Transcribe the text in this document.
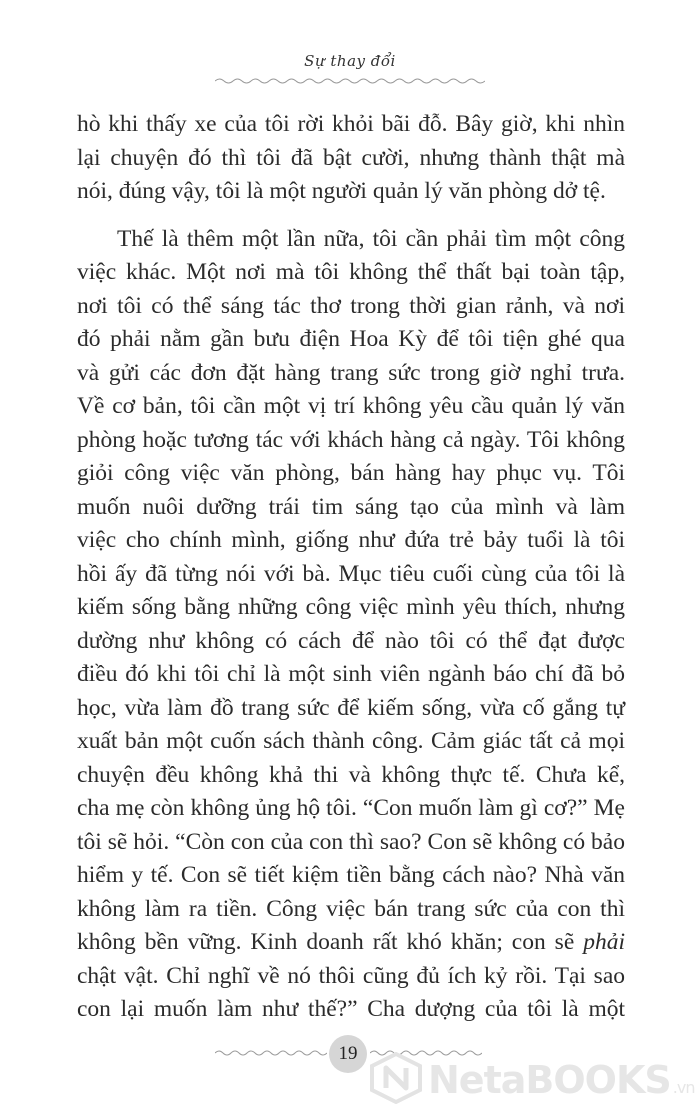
Sự thay đổi

hò khi thấy xe của tôi rời khỏi bãi đỗ. Bây giờ, khi nhìn
lại chuyện đó thì tôi đã bật cười, nhưng thành thật mà
nói, đúng vậy, tôi là một người quản lý văn phòng dở tệ.

Thế là thêm một lần nữa, tôi cần phải tìm một công
việc khác. Một nơi mà tôi không thể thất bại toàn tập,
nơi tôi có thể sáng tác thơ trong thời gian rảnh, và nơi
đó phải nằm gần bưu điện Hoa Kỳ để tôi tiện ghé qua
và gửi các đơn đặt hàng trang sức trong giờ nghỉ trưa.
Về cơ bản, tôi cần một vị trí không yêu cầu quản lý văn
phòng hoặc tương tác với khách hàng cả ngày. Tôi không
giỏi công việc văn phòng, bán hàng hay phục vụ. Tôi
muốn nuôi dưỡng trái tim sáng tạo của mình và làm
việc cho chính mình, giống như đứa trẻ bảy tuổi là tôi
hồi ấy đã từng nói với bà. Mục tiêu cuối cùng của tôi là
kiếm sống bằng những công việc mình yêu thích, nhưng
dường như không có cách để nào tôi có thể đạt được
điều đó khi tôi chỉ là một sinh viên ngành báo chí đã bỏ
học, vừa làm đồ trang sức để kiếm sống, vừa cố gắng tự
xuất bản một cuốn sách thành công. Cảm giác tất cả mọi
chuyện đều không khả thi và không thực tế. Chưa kể,
cha mẹ còn không ủng hộ tôi. “Con muốn làm gì cơ?” Mẹ
tôi sẽ hỏi. “Còn con của con thì sao? Con sẽ không có bảo
hiểm y tế. Con sẽ tiết kiệm tiền bằng cách nào? Nhà văn
không làm ra tiền. Công việc bán trang sức của con thì
không bền vững. Kinh doanh rất khó khăn; con sẽ phải
chật vật. Chỉ nghĩ về nó thôi cũng đủ ích kỷ rồi. Tại sao
con lại muốn làm như thế?” Cha dượng của tôi là một

19
NetaBOOKS .vn
